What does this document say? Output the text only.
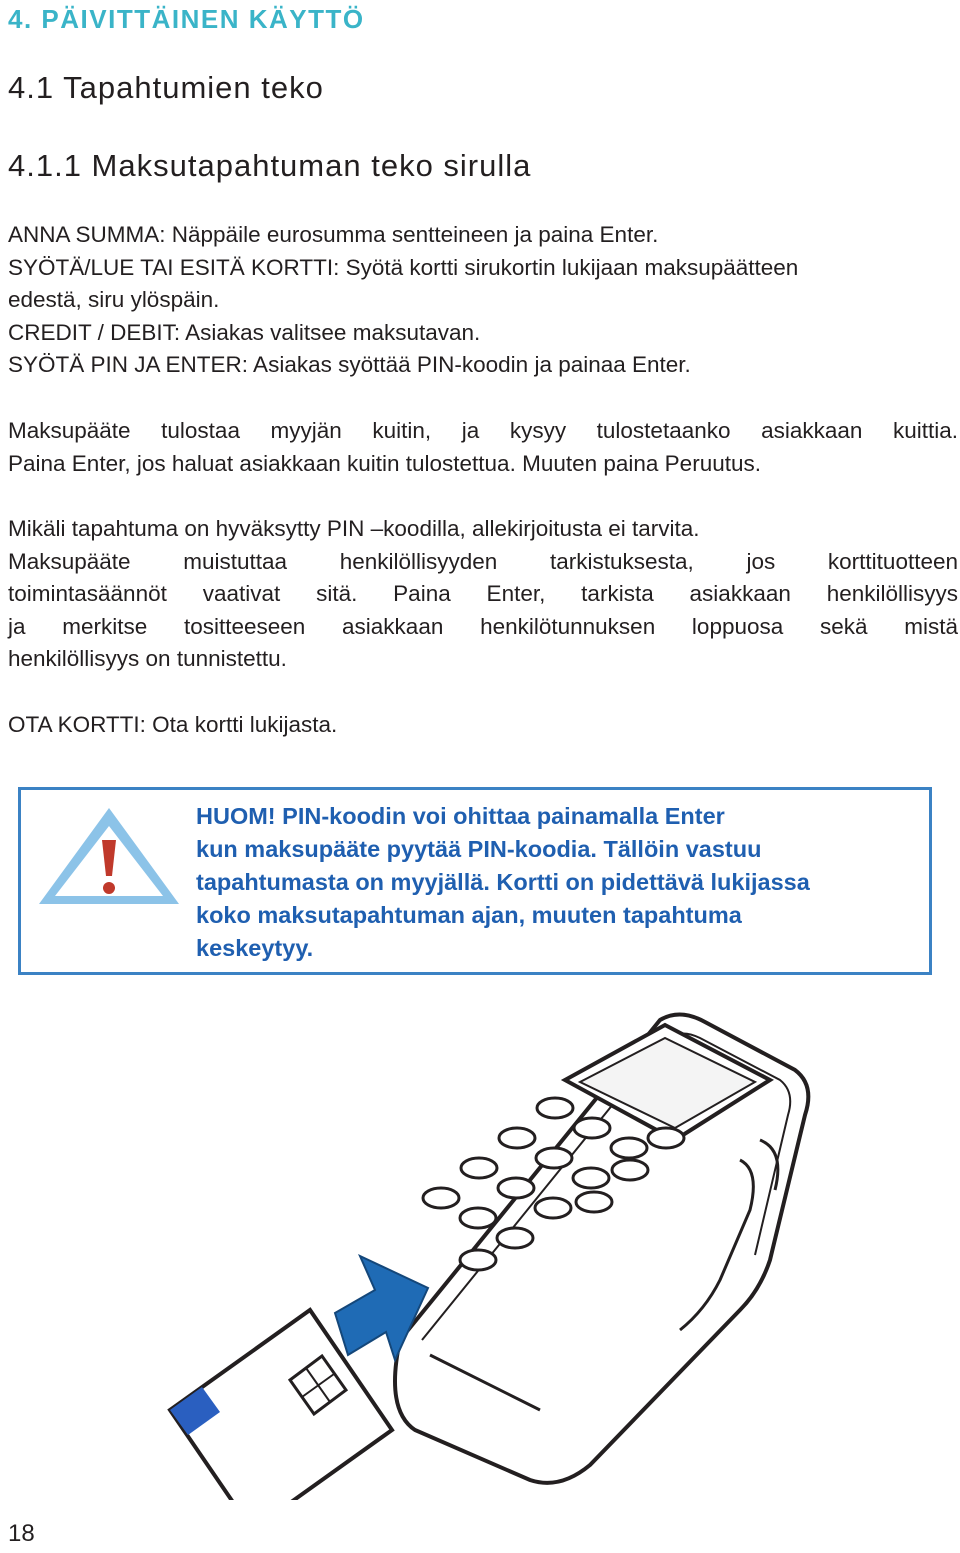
4. PÄIVITTÄINEN KÄYTTÖ
4.1 Tapahtumien teko
4.1.1 Maksutapahtuman teko sirulla
ANNA SUMMA: Näppäile eurosumma sentteineen ja paina Enter.
SYÖTÄ/LUE TAI ESITÄ KORTTI: Syötä kortti sirukortin lukijaan maksupäätteen
edestä, siru ylöspäin.
CREDIT / DEBIT: Asiakas valitsee maksutavan.
SYÖTÄ PIN JA ENTER: Asiakas syöttää PIN-koodin ja painaa Enter.
Maksupääte tulostaa myyjän kuitin, ja kysyy tulostetaanko asiakkaan kuittia.
Paina Enter, jos haluat asiakkaan kuitin tulostettua. Muuten paina Peruutus.
Mikäli tapahtuma on hyväksytty PIN –koodilla, allekirjoitusta ei tarvita.
Maksupääte muistuttaa henkilöllisyyden tarkistuksesta, jos korttituotteen
toimintasäännöt vaativat sitä. Paina Enter, tarkista asiakkaan henkilöllisyys
ja merkitse tositteeseen asiakkaan henkilötunnuksen loppuosa sekä mistä
henkilöllisyys on tunnistettu.
OTA KORTTI: Ota kortti lukijasta.
HUOM! PIN-koodin voi ohittaa painamalla Enter
kun maksupääte pyytää PIN-koodia. Tällöin vastuu
tapahtumasta on myyjällä. Kortti on pidettävä lukijassa
koko maksutapahtuman ajan, muuten tapahtuma
keskeytyy.
18
